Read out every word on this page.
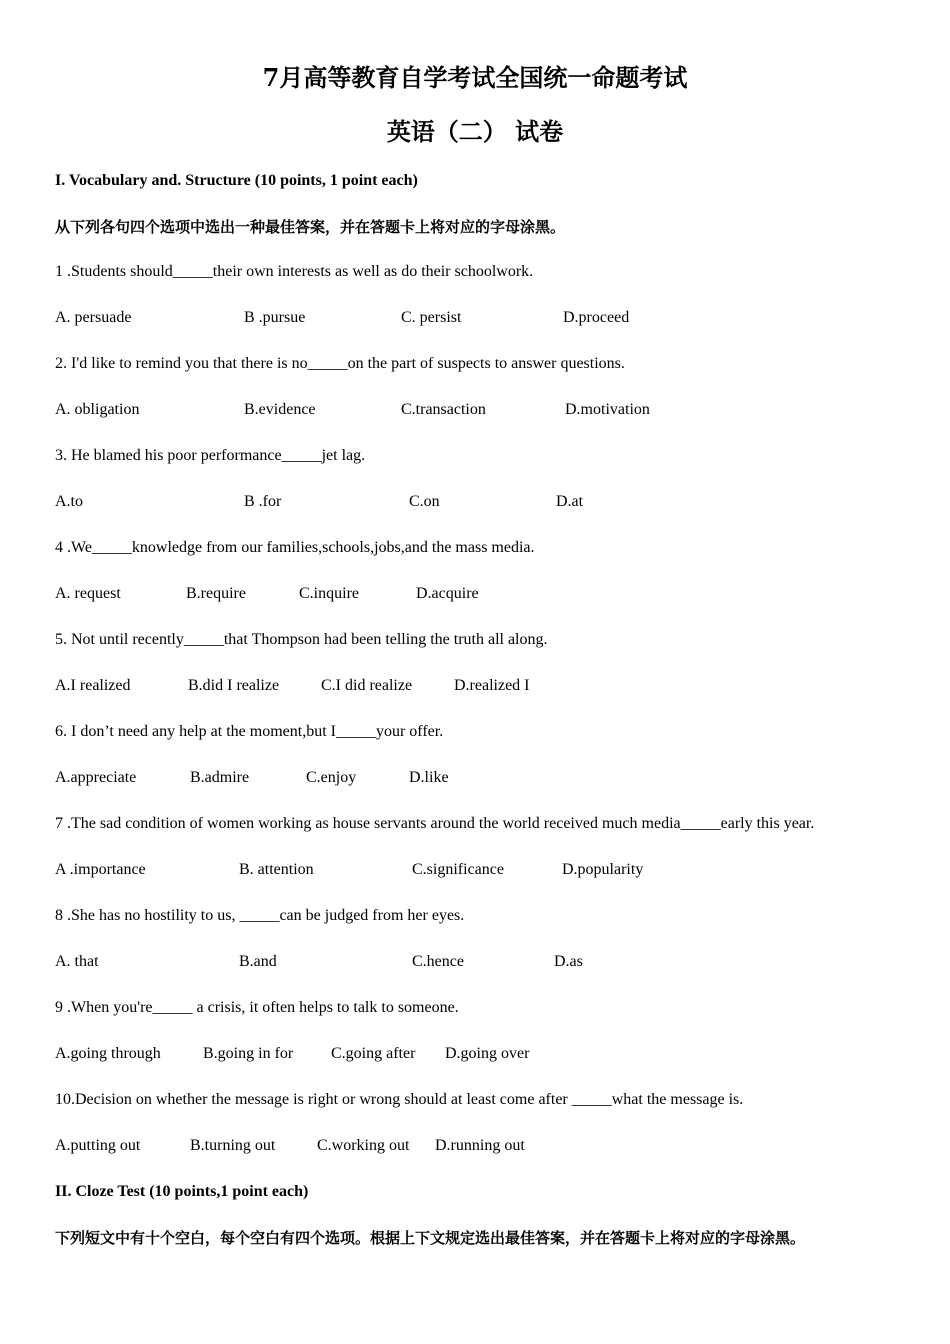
7月高等教育自学考试全国统一命题考试
英语（二） 试卷
I. Vocabulary and. Structure (10 points, 1 point each)
从下列各句四个选项中选出一种最佳答案，并在答题卡上将对应的字母涂黑。
1 .Students should_____their own interests as well as do their schoolwork.
A. persuade	B .pursue	C. persist	D.proceed
2. I'd like to remind you that there is no_____on the part of suspects to answer questions.
A. obligation	B.evidence	C.transaction	D.motivation
3. He blamed his poor performance_____jet lag.
A.to	B .for	C.on	D.at
4 .We_____knowledge from our families,schools,jobs,and the mass media.
A. request	B.require	C.inquire	D.acquire
5. Not until recently_____that Thompson had been telling the truth all along.
A.I realized	B.did I realize	C.I did realize	D.realized I
6. I don’t need any help at the moment,but I_____your offer.
A.appreciate	B.admire	C.enjoy	D.like
7 .The sad condition of women working as house servants around the world received much media_____early this year.
A .importance	B. attention	C.significance	D.popularity
8 .She has no hostility to us, _____can be judged from her eyes.
A. that	B.and	C.hence	D.as
9 .When you're_____ a crisis, it often helps to talk to someone.
A.going through	B.going in for C.going after D.going over
10.Decision on whether the message is right or wrong should at least come after _____what the message is.
A.putting out	B.turning out	C.working out D.running out
II. Cloze Test (10 points,1 point each)
下列短文中有十个空白，每个空白有四个选项。根据上下文规定选出最佳答案，并在答题卡上将对应的字母涂黑。
